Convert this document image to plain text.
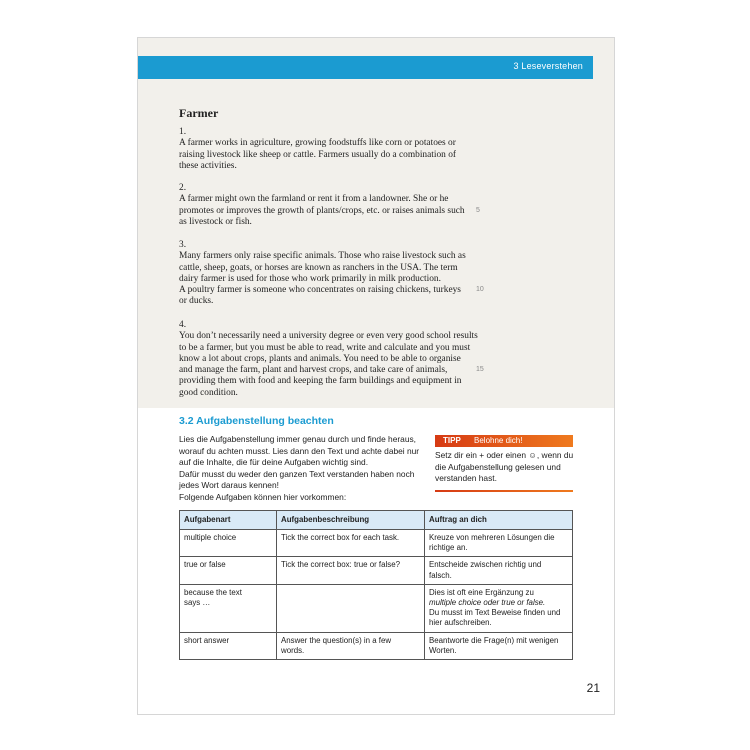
3 Leseverstehen
Farmer
1.
A farmer works in agriculture, growing foodstuffs like corn or potatoes or
raising livestock like sheep or cattle. Farmers usually do a combination of
these activities.
2.
A farmer might own the farmland or rent it from a landowner. She or he
promotes or improves the growth of plants/crops, etc. or raises animals such
as livestock or fish.
3.
Many farmers only raise specific animals. Those who raise livestock such as
cattle, sheep, goats, or horses are known as ranchers in the USA. The term
dairy farmer is used for those who work primarily in milk production.
A poultry farmer is someone who concentrates on raising chickens, turkeys
or ducks.
4.
You don’t necessarily need a university degree or even very good school results
to be a farmer, but you must be able to read, write and calculate and you must
know a lot about crops, plants and animals. You need to be able to organise
and manage the farm, plant and harvest crops, and take care of animals,
providing them with food and keeping the farm buildings and equipment in
good condition.
5
10
15
3.2 Aufgabenstellung beachten
Lies die Aufgabenstellung immer genau durch und finde heraus,
worauf du achten musst. Lies dann den Text und achte dabei nur
auf die Inhalte, die für deine Aufgaben wichtig sind.
Dafür musst du weder den ganzen Text verstanden haben noch
jedes Wort daraus kennen!
Folgende Aufgaben können hier vorkommen:
TIPP Belohne dich!
Setz dir ein + oder einen ☺, wenn du
die Aufgabenstellung gelesen und
verstanden hast.
Aufgabenart	Aufgabenbeschreibung	Auftrag an dich

multiple choice	Tick the correct box for each task.	Kreuze von mehreren Lösungen die
richtige an.

true or false	Tick the correct box: true or false?	Entscheide zwischen richtig und
falsch.

because the text
says …		Dies ist oft eine Ergänzung zu
multiple choice oder true or false.
Du musst im Text Beweise finden und
hier aufschreiben.

short answer	Answer the question(s) in a few
words.	Beantworte die Frage(n) mit wenigen
Worten.
21
